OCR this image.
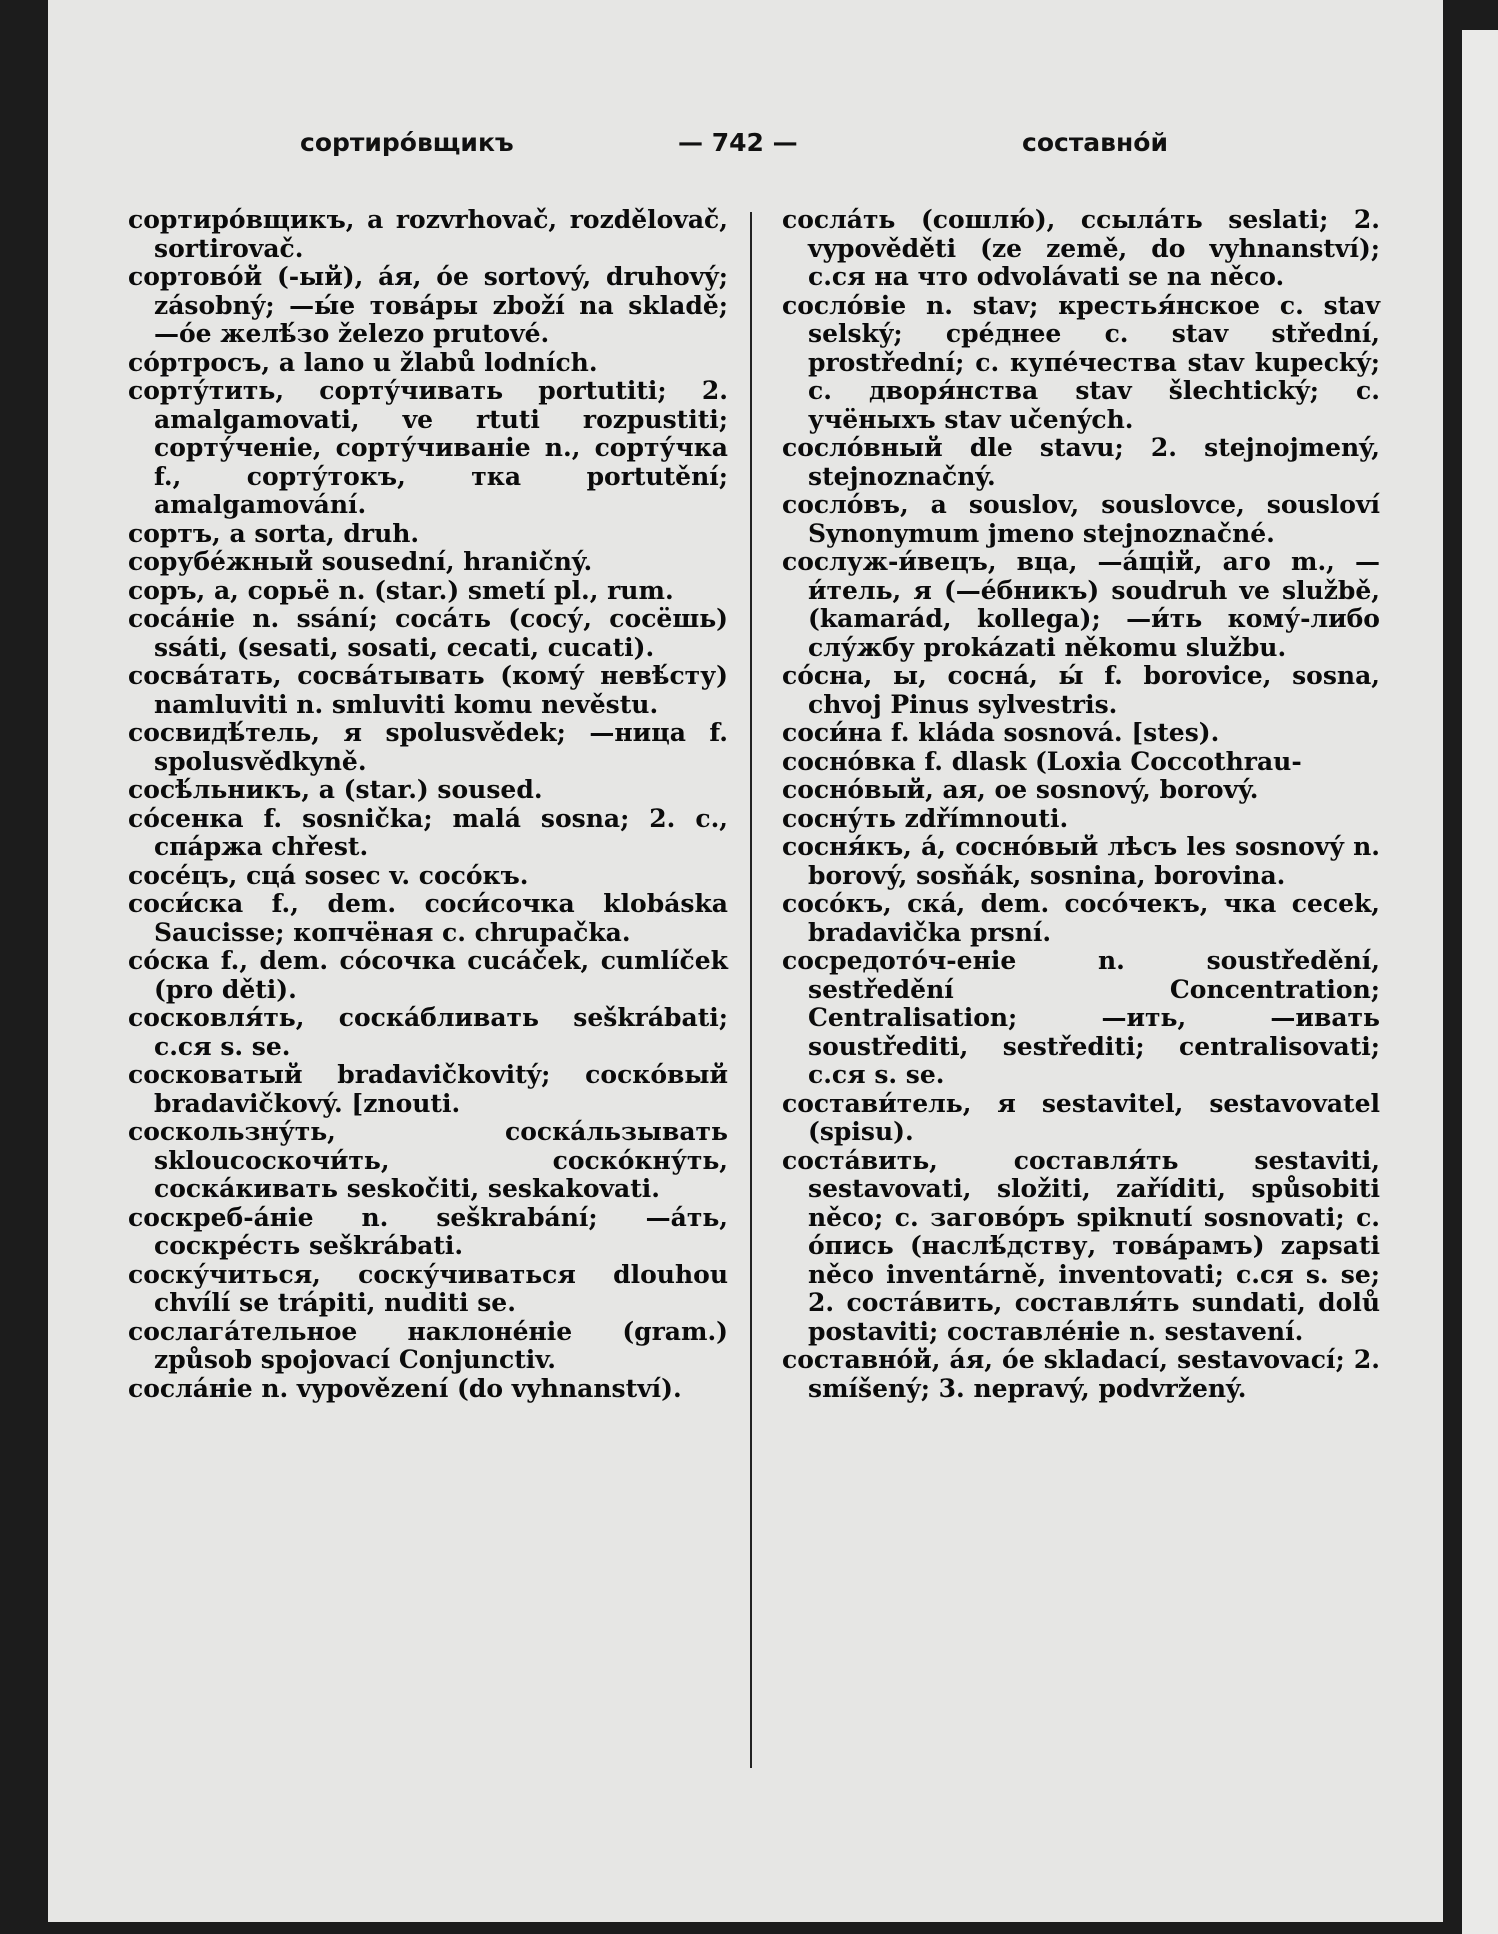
сортиро́вщикъ	— 742 —	составно́й

сортиро́вщикъ, а rozvrhovač, rozdělovač, sortirovač.

сортово́й (-ый), а́я, о́е sortový, druhový; zásobný; —ы́е това́ры zboží na skladě; —о́е желѣ́зо železo prutové.

со́ртросъ, а lano u žlabů lodních.

сорту́тить, сорту́чивать portutiti; 2. amalgamovati, ve rtuti rozpustiti; сорту́ченіе, сорту́чиваніе n., сорту́чка f., сорту́токъ, тка portutění; amalgamování.

сортъ, а sorta, druh.

сорубе́жный sousední, hraničný.

соръ, а, сорьё n. (star.) smetí pl., rum.

соса́ніе n. ssání; соса́ть (сосу́, сосёшь) ssáti, (sesati, sosati, cecati, cucati).

сосва́тать, сосва́тывать (кому́ невѣ́сту) namluviti n. smluviti komu nevěstu.

сосвидѣ́тель, я spolusvědek; —ница f. spolusvědkyně.

сосѣ́льникъ, а (star.) soused.

со́сенка f. sosnička; malá sosna; 2. с., спа́ржа chřest.

сосе́цъ, сца́ sosec v. сосо́къ.

соси́ска f., dem. соси́сочка klobáska Saucisse; копчёная с. chrupačka.

со́ска f., dem. со́сочка cucáček, cumlíček (pro děti).

сосковля́ть, соска́бливать seškrábati; с.ся s. se.

сосковатый bradavičkovitý; соско́вый bradavičkový. [znouti.

соскользну́ть, соска́льзывать sklouсоскочи́ть, соско́кну́ть, соска́кивать seskočiti, seskakovati.

соскреб-а́ніе n. seškrabání; —а́ть, соскре́сть seškrábati.

соску́читься, соску́чиваться dlouhou chvílí se trápiti, nuditi se.

сослага́тельное наклоне́ніе (gram.) způsob spojovací Conjunctiv.

сосла́ніе n. vypovězení (do vyhnanství).

сосла́ть (сошлю́), ссыла́ть seslati; 2. vypověděti (ze země, do vyhnanství); с.ся на что odvolávati se na něco.

сосло́віе n. stav; крестья́нское с. stav selský; сре́днее с. stav střední, prostřední; с. купе́чества stav kupecký; с. дворя́нства stav šlechtický; с. учёныхъ stav učených.

сосло́вный dle stavu; 2. stejnojmený, stejnoznačný.

сосло́въ, а souslov, souslovce, sousloví Synonymum jmeno stejnoznačné.

сослуж-и́вецъ, вца, —а́щій, аго m., —и́тель, я (—е́бникъ) soudruh ve službě, (kamarád, kollega); —и́ть кому́-либо слу́жбу prokázati někomu službu.

со́сна, ы, сосна́, ы́ f. borovice, sosna, chvoj Pinus sylvestris.

соси́на f. kláda sosnová. [stes).

сосно́вка f. dlask (Loxia Coccothrau-

сосно́вый, ая, ое sosnový, borový.

сосну́ть zdřímnouti.

сосня́къ, а́, сосно́вый лѣсъ les sosnový n. borový, sosňák, sosnina, borovina.

сосо́къ, ска́, dem. сосо́чекъ, чка cecek, bradavička prsní.

сосредото́ч-еніе n. soustředění, sestředění Concentration; Centralisation; —ить, —ивать soustřediti, sestřediti; centralisovati; с.ся s. se.

состави́тель, я sestavitel, sestavovatel (spisu).

соста́вить, составля́ть sestaviti, sestavovati, složiti, zaříditi, spůsobiti něco; с. загово́ръ spiknutí sosnovati; с. о́пись (наслѣ́дству, това́рамъ) zapsati něco inventárně, inventovati; с.ся s. se; 2. соста́вить, составля́ть sundati, dolů postaviti; составле́ніе n. sestavení.

составно́й, а́я, о́е skladací, sestavovací; 2. smíšený; 3. nepravý, podvržený.
